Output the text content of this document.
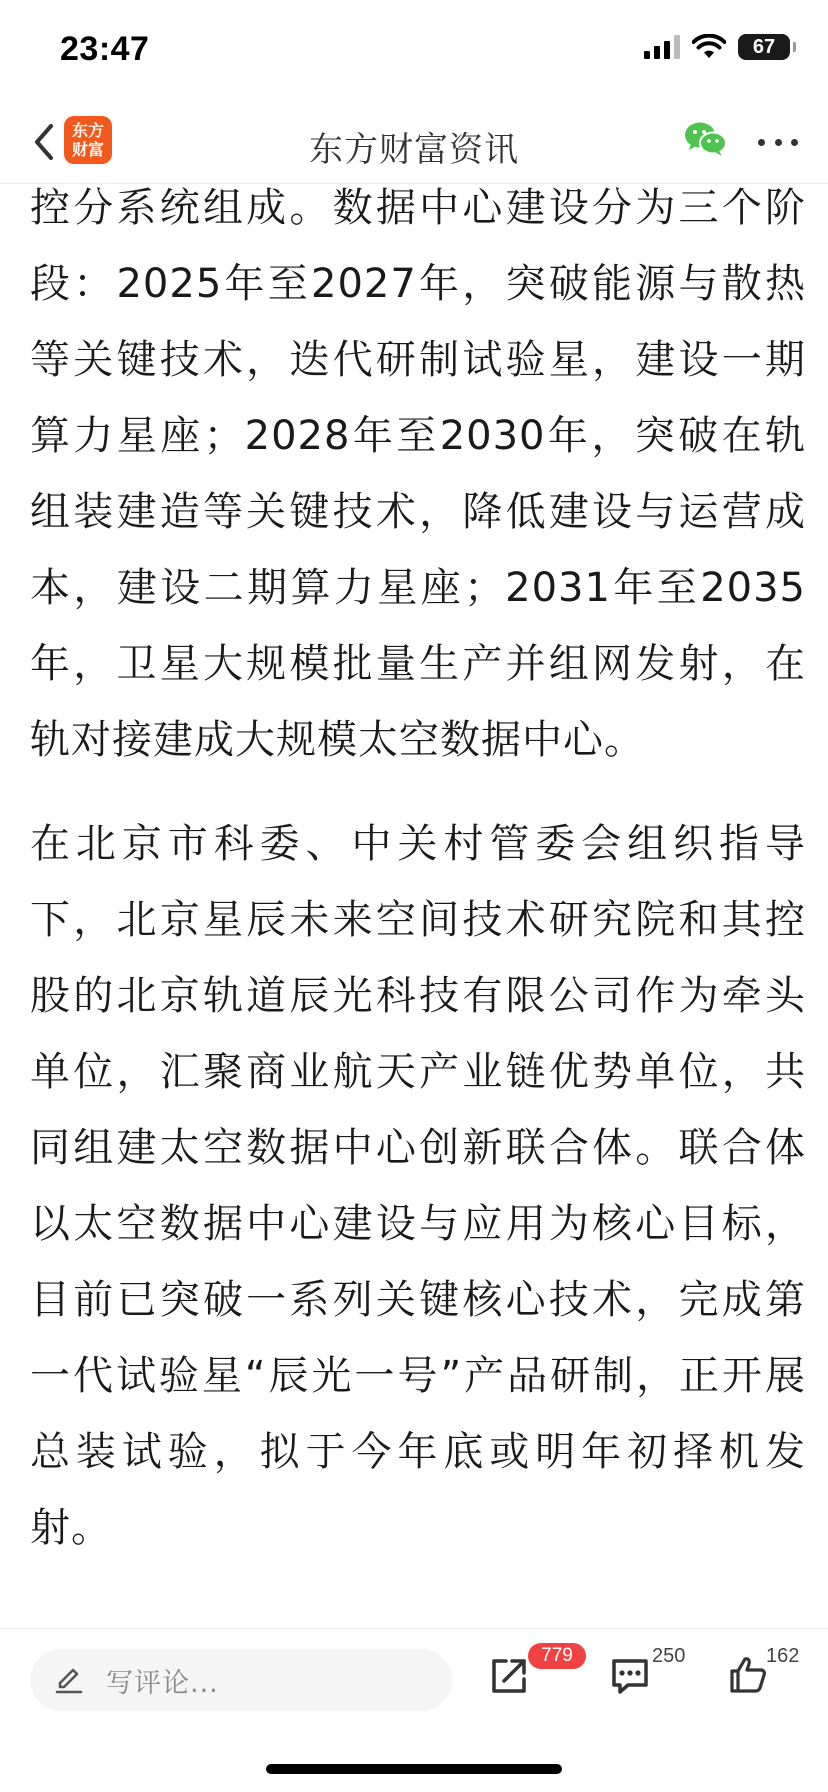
23:47	67
东方
财富	东方财富资讯

控分系统组成。数据中心建设分为三个阶段：2025年至2027年，突破能源与散热等关键技术，迭代研制试验星，建设一期算力星座；2028年至2030年，突破在轨组装建造等关键技术，降低建设与运营成本，建设二期算力星座；2031年至2035年，卫星大规模批量生产并组网发射，在轨对接建成大规模太空数据中心。

在北京市科委、中关村管委会组织指导下，北京星辰未来空间技术研究院和其控股的北京轨道辰光科技有限公司作为牵头单位，汇聚商业航天产业链优势单位，共同组建太空数据中心创新联合体。联合体以太空数据中心建设与应用为核心目标，目前已突破一系列关键核心技术，完成第一代试验星“辰光一号”产品研制，正开展总装试验，拟于今年底或明年初择机发射。

写评论...
779	250	162
